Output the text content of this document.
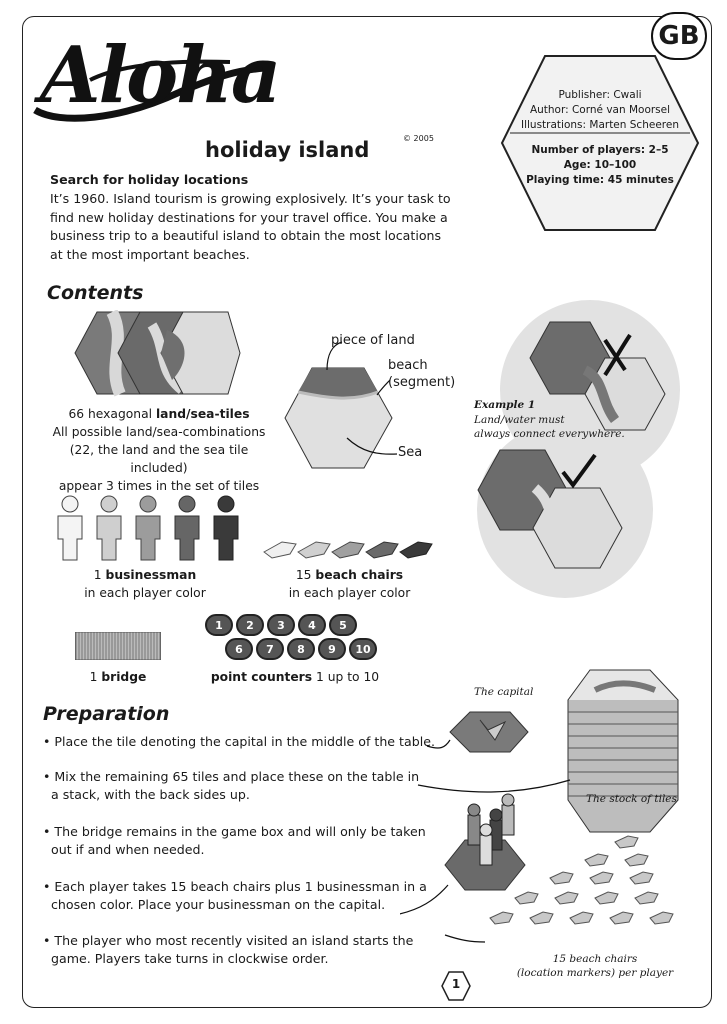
GB
Aloha
holiday island	© 2005
Publisher: Cwali
Author: Corné van Moorsel
Illustrations: Marten Scheeren
Number of players: 2–5
Age: 10–100
Playing time: 45 minutes
Search for holiday locations
It’s 1960. Island tourism is growing explosively. It’s your task to
find new holiday destinations for your travel office. You make a
business trip to a beautiful island to obtain the most locations
at the most important beaches.
Contents
66 hexagonal land/sea-tiles
All possible land/sea-combinations
(22, the land and the sea tile included)
appear 3 times in the set of tiles
piece of land
beach
(segment)
Sea
Example 1
Land/water must
always connect everywhere.
1 businessman
in each player color
15 beach chairs
in each player color
1 bridge
1	2	3	4	5
6	7	8	9	10
point counters 1 up to 10
Preparation
• Place the tile denoting the capital in the middle of the table.
• Mix the remaining 65 tiles and place these on the table in
a stack, with the back sides up.
• The bridge remains in the game box and will only be taken
out if and when needed.
• Each player takes 15 beach chairs plus 1 businessman in a
chosen color. Place your businessman on the capital.
• The player who most recently visited an island starts the
game. Players take turns in clockwise order.
The capital
The stock of tiles
15 beach chairs
(location markers) per player
1
